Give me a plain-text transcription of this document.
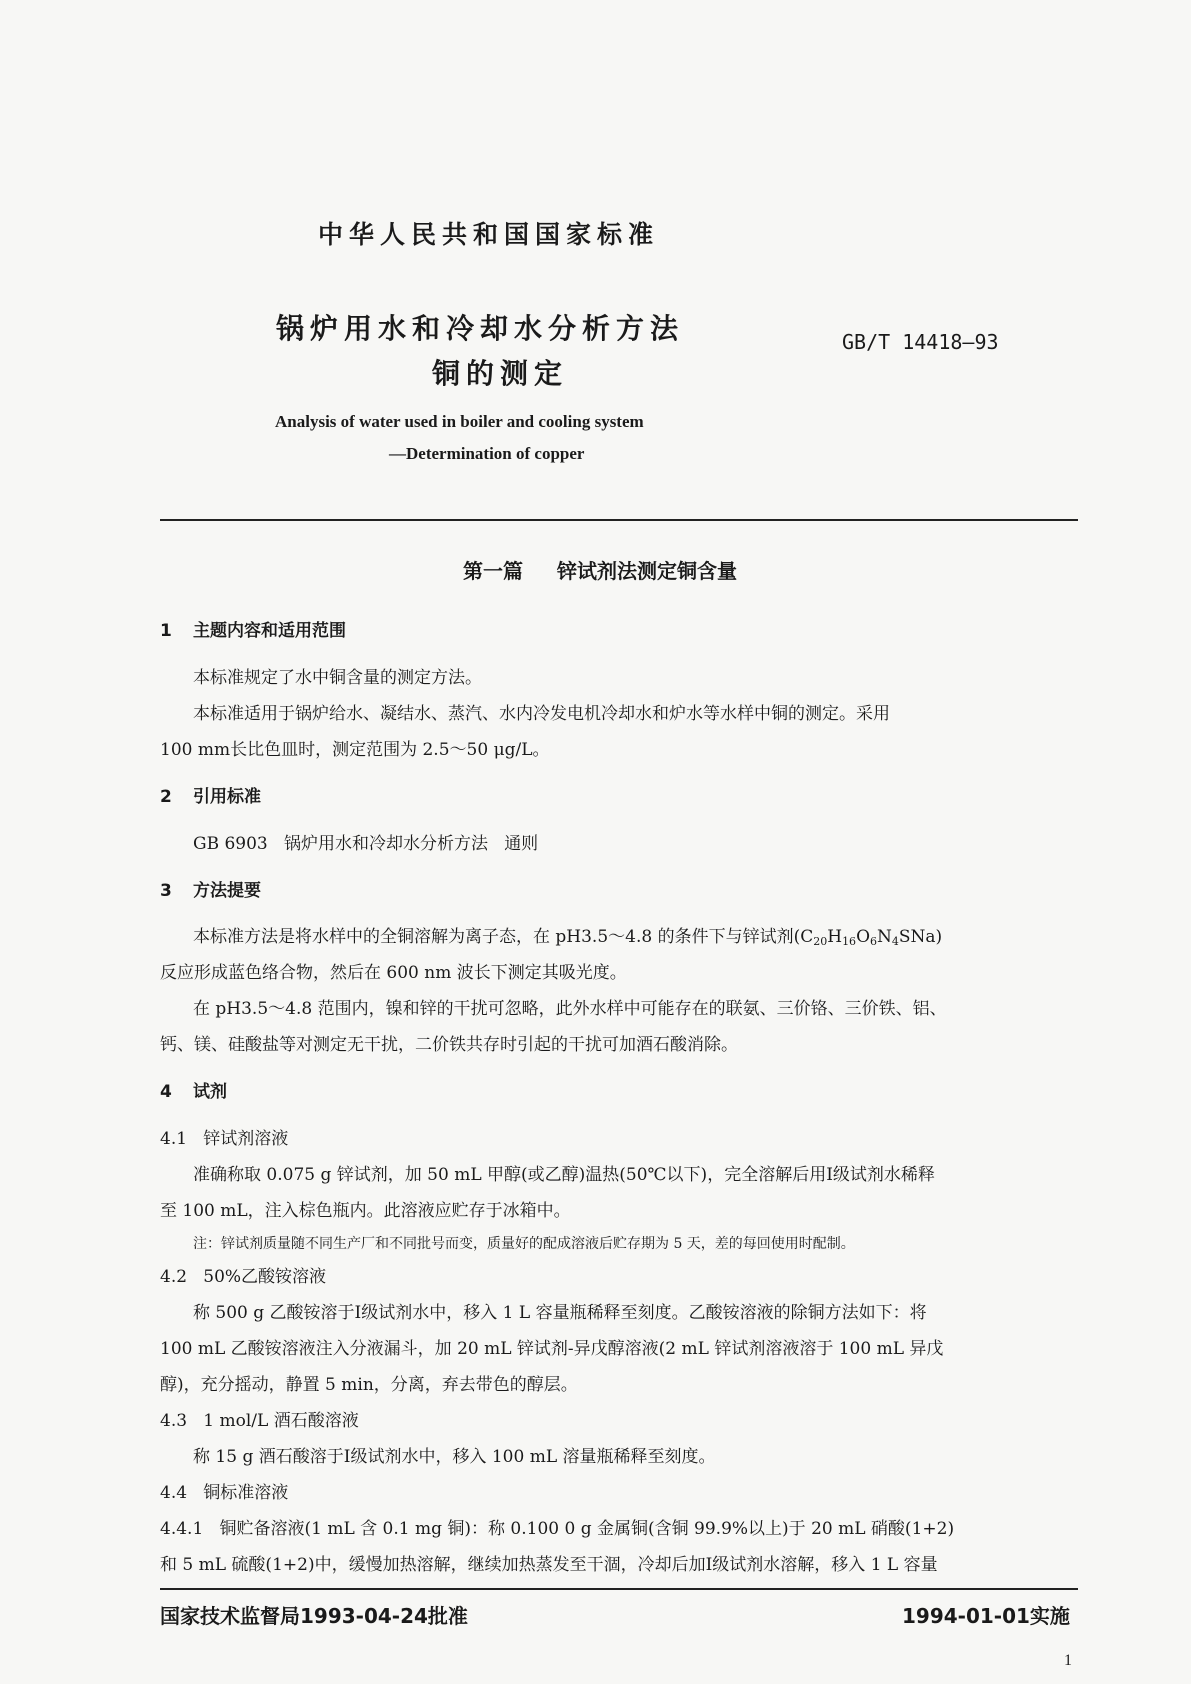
中华人民共和国国家标准
锅炉用水和冷却水分析方法
铜的测定
GB/T 14418—93
Analysis of water used in boiler and cooling system
—Determination of copper
第一篇 锌试剂法测定铜含量
1 主题内容和适用范围
本标准规定了水中铜含量的测定方法。
本标准适用于锅炉给水、凝结水、蒸汽、水内冷发电机冷却水和炉水等水样中铜的测定。采用
100 mm长比色皿时，测定范围为 2.5～50 μg/L。
2 引用标准
GB 6903 锅炉用水和冷却水分析方法 通则
3 方法提要
本标准方法是将水样中的全铜溶解为离子态，在 pH3.5～4.8 的条件下与锌试剂$(C_{20}H_{16}O_6N_4SNa)$
反应形成蓝色络合物，然后在 600 nm 波长下测定其吸光度。
在 pH3.5～4.8 范围内，镍和锌的干扰可忽略，此外水样中可能存在的联氨、三价铬、三价铁、铝、
钙、镁、硅酸盐等对测定无干扰，二价铁共存时引起的干扰可加酒石酸消除。
4 试剂
4.1 锌试剂溶液
准确称取 0.075 g 锌试剂，加 50 mL 甲醇(或乙醇)温热(50℃以下)，完全溶解后用Ⅰ级试剂水稀释
至 100 mL，注入棕色瓶内。此溶液应贮存于冰箱中。
注：锌试剂质量随不同生产厂和不同批号而变，质量好的配成溶液后贮存期为 5 天，差的每回使用时配制。
4.2 50%乙酸铵溶液
称 500 g 乙酸铵溶于Ⅰ级试剂水中，移入 1 L 容量瓶稀释至刻度。乙酸铵溶液的除铜方法如下：将
100 mL 乙酸铵溶液注入分液漏斗，加 20 mL 锌试剂-异戊醇溶液(2 mL 锌试剂溶液溶于 100 mL 异戊
醇)，充分摇动，静置 5 min，分离，弃去带色的醇层。
4.3 1 mol/L 酒石酸溶液
称 15 g 酒石酸溶于Ⅰ级试剂水中，移入 100 mL 溶量瓶稀释至刻度。
4.4 铜标准溶液
4.4.1 铜贮备溶液(1 mL 含 0.1 mg 铜)：称 0.100 0 g 金属铜(含铜 99.9%以上)于 20 mL 硝酸(1+2)
和 5 mL 硫酸(1+2)中，缓慢加热溶解，继续加热蒸发至干涸，冷却后加Ⅰ级试剂水溶解，移入 1 L 容量
国家技术监督局1993-04-24批准	1994-01-01实施
1
